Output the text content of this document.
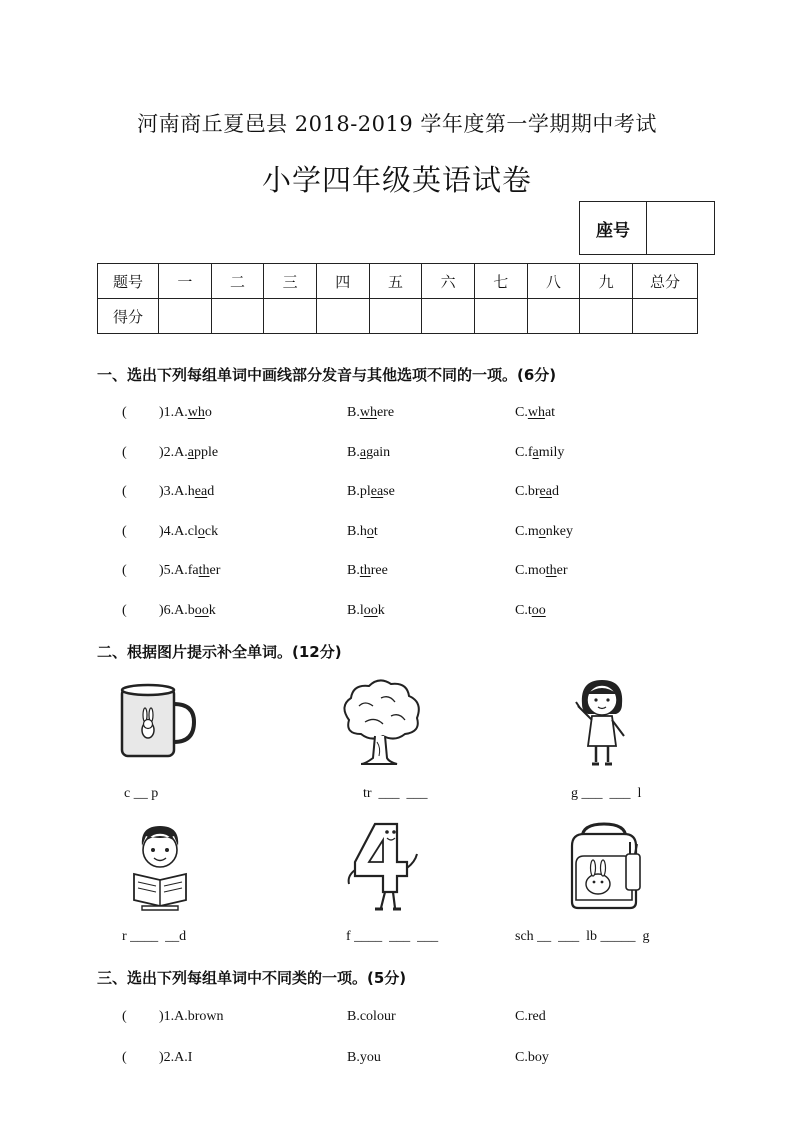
河南商丘夏邑县 2018-2019 学年度第一学期期中考试
小学四年级英语试卷
座号
题号	一	二	三	四	五	六	七	八	九	总分
得分										
一、选出下列每组单词中画线部分发音与其他选项不同的一项。(6分)
( )1.A.who	B.where	C.what
( )2.A.apple	B.again	C.family
( )3.A.head	B.please	C.bread
( )4.A.clock	B.hot	C.monkey
( )5.A.father	B.three	C.mother
( )6.A.book	B.look	C.too
二、根据图片提示补全单词。(12分)
c __ p	tr  ___  ___	g ___  ___  l
r ____  __d	f ____  ___  ___	sch __  ___  lb _____  g
三、选出下列每组单词中不同类的一项。(5分)
( )1.A.brown	B.colour	C.red
( )2.A.I	B.you	C.boy
